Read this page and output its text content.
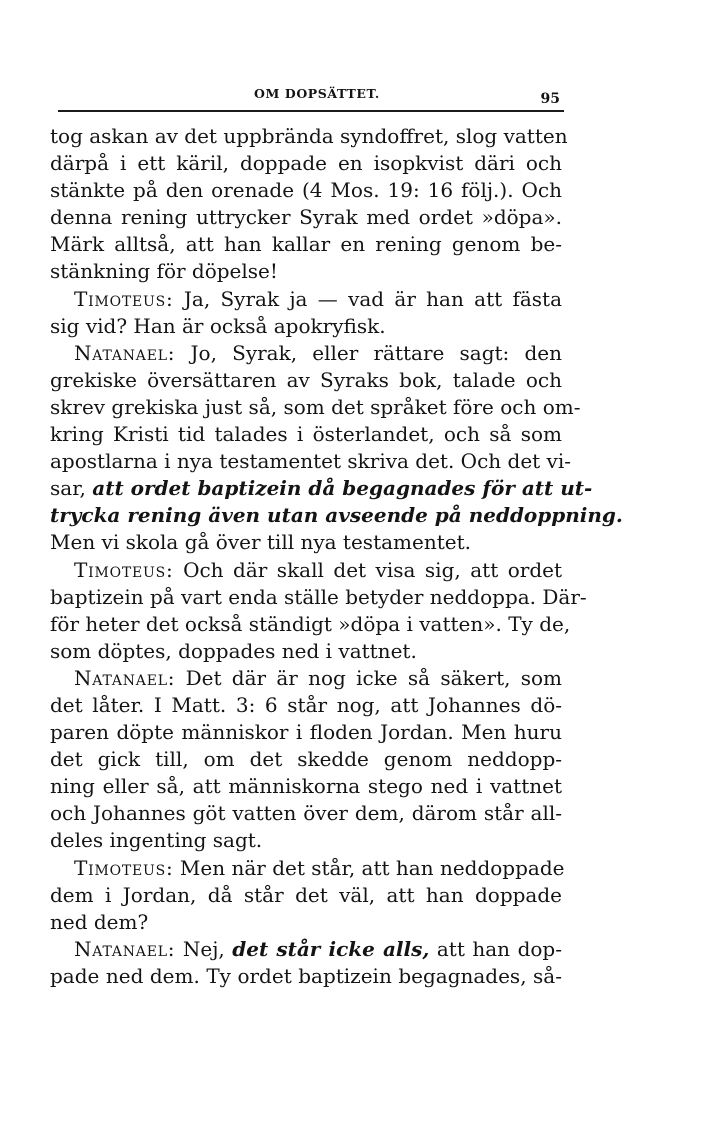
OM DOPSÄTTET.	95
tog askan av det uppbrända syndoffret, slog vatten
därpå i ett käril, doppade en isopkvist däri och
stänkte på den orenade (4 Mos. 19: 16 följ.). Och
denna rening uttrycker Syrak med ordet »döpa».
Märk alltså, att han kallar en rening genom be-
stänkning för döpelse!
Timoteus: Ja, Syrak ja — vad är han att fästa
sig vid? Han är också apokryfisk.
Natanael: Jo, Syrak, eller rättare sagt: den
grekiske översättaren av Syraks bok, talade och
skrev grekiska just så, som det språket före och om-
kring Kristi tid talades i österlandet, och så som
apostlarna i nya testamentet skriva det. Och det vi-
sar, att ordet baptizein då begagnades för att ut-
trycka rening även utan avseende på neddoppning.
Men vi skola gå över till nya testamentet.
Timoteus: Och där skall det visa sig, att ordet
baptizein på vart enda ställe betyder neddoppa. Där-
för heter det också ständigt »döpa i vatten». Ty de,
som döptes, doppades ned i vattnet.
Natanael: Det där är nog icke så säkert, som
det låter. I Matt. 3: 6 står nog, att Johannes dö-
paren döpte människor i floden Jordan. Men huru
det gick till, om det skedde genom neddopp-
ning eller så, att människorna stego ned i vattnet
och Johannes göt vatten över dem, därom står all-
deles ingenting sagt.
Timoteus: Men när det står, att han neddoppade
dem i Jordan, då står det väl, att han doppade
ned dem?
Natanael: Nej, det står icke alls, att han dop-
pade ned dem. Ty ordet baptizein begagnades, så-
